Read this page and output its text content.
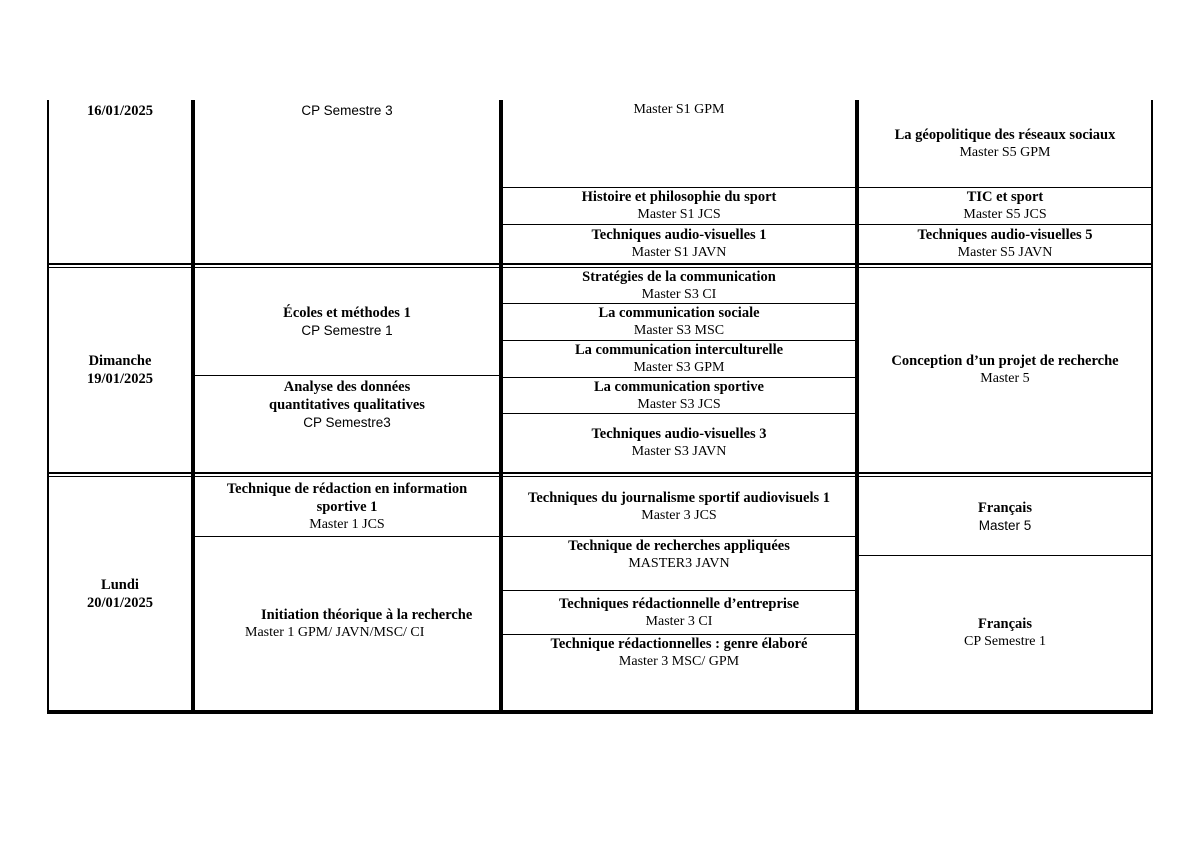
16/01/2025	CP Semestre 3	Master S1 GPM
Histoire et philosophie du sport
Master S1 JCS
Techniques audio-visuelles 1
Master S1 JAVN
La géopolitique des réseaux sociaux
Master S5 GPM
TIC et sport
Master S5 JCS
Techniques audio-visuelles 5
Master S5 JAVN
Dimanche
19/01/2025
Écoles et méthodes 1
CP Semestre 1
Analyse des données quantitatives qualitatives
CP Semestre3
Stratégies de la communication
Master S3 CI
La communication sociale
Master S3 MSC
La communication interculturelle
Master S3 GPM
La communication sportive
Master S3 JCS
Techniques audio-visuelles 3
Master S3 JAVN
Conception d’un projet de recherche
Master 5
Lundi
20/01/2025
Technique de rédaction en information sportive 1
Master 1 JCS
Initiation théorique à la recherche
Master 1 GPM/ JAVN/MSC/ CI
Techniques du journalisme sportif audiovisuels 1
Master 3 JCS
Technique de recherches appliquées
MASTER3 JAVN
Techniques rédactionnelle d’entreprise
Master 3 CI
Technique rédactionnelles : genre élaboré
Master 3 MSC/ GPM
Français
Master 5
Français
CP Semestre 1
